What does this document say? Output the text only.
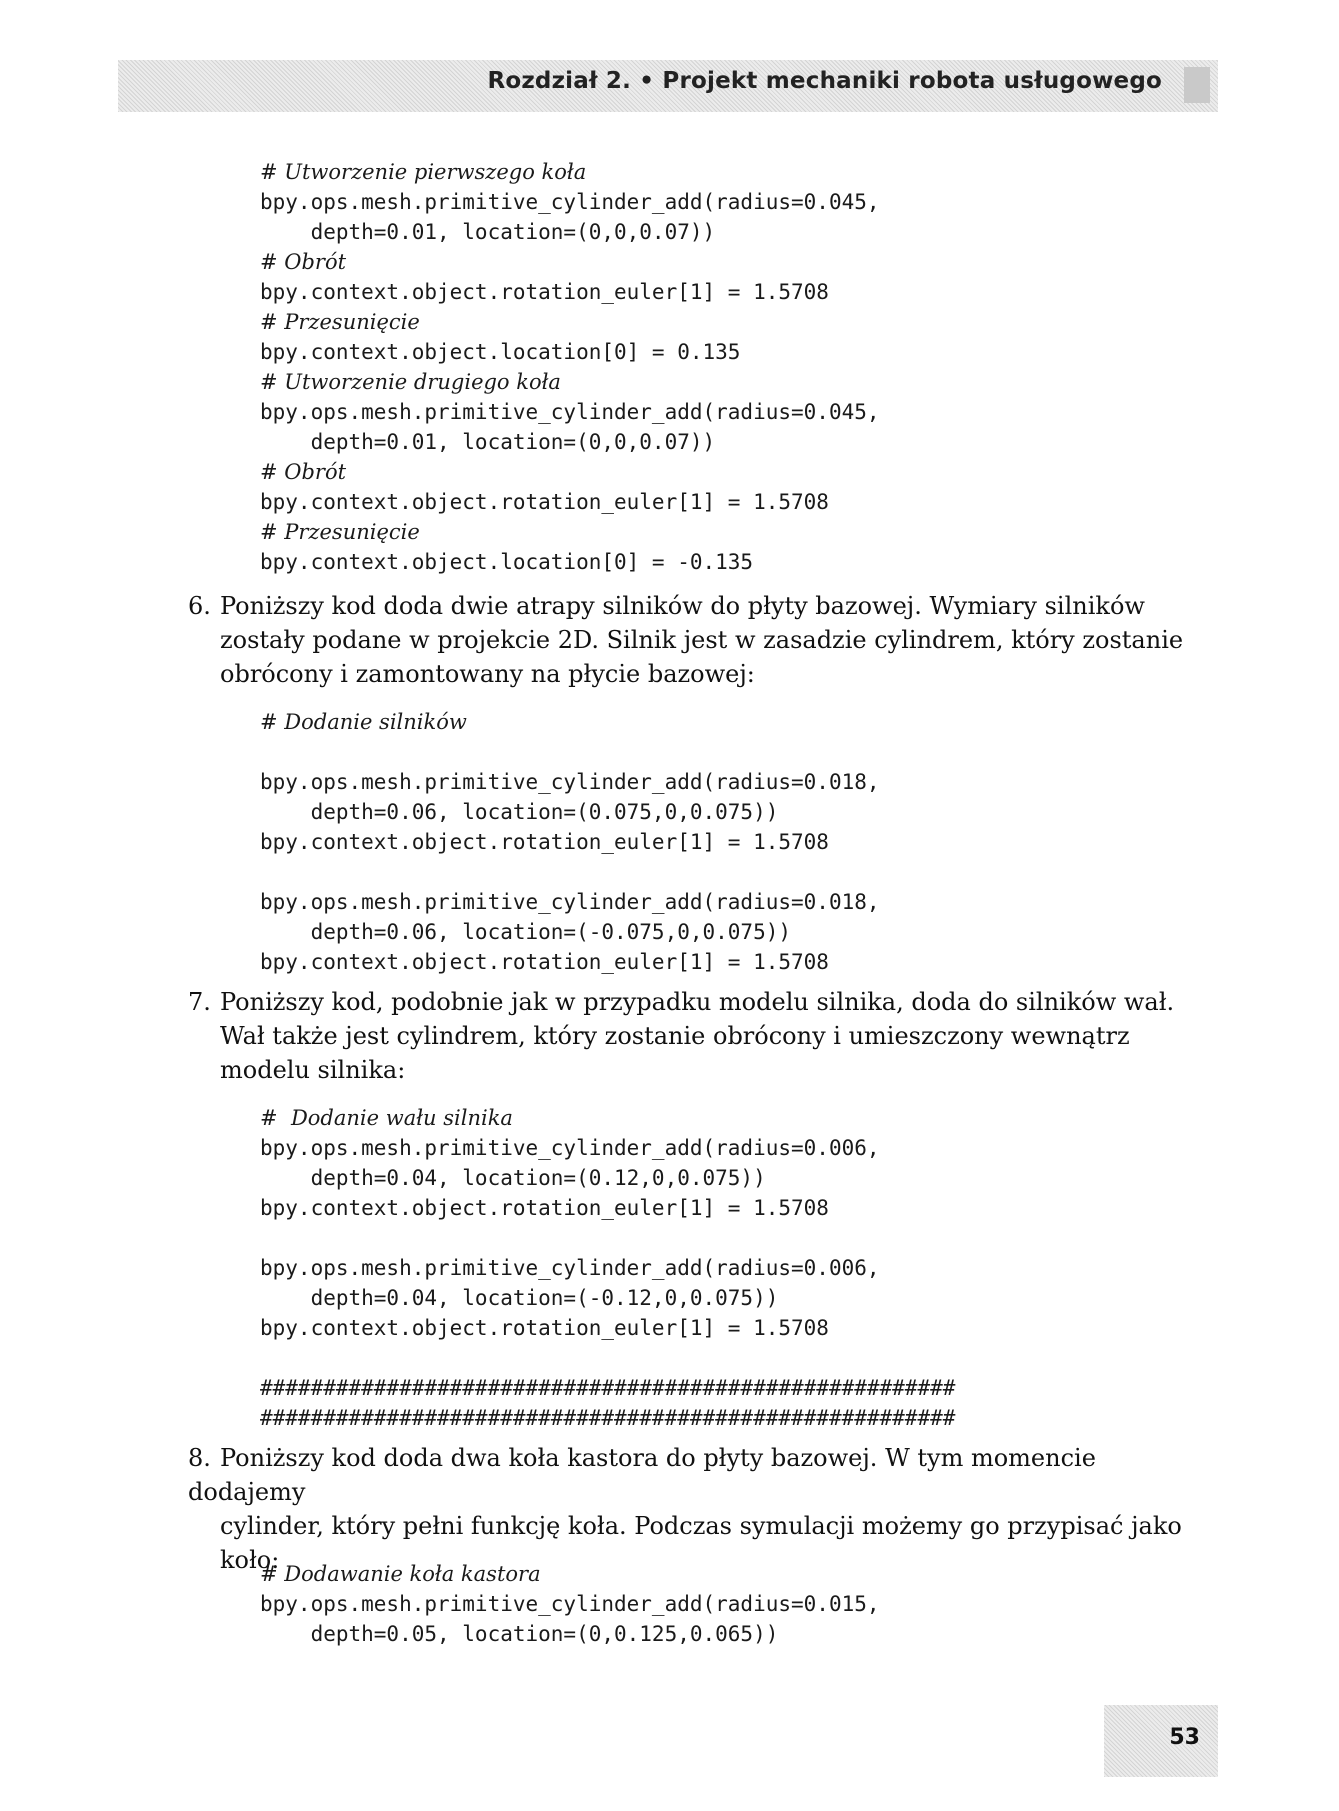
Rozdział 2. • Projekt mechaniki robota usługowego
# Utworzenie pierwszego koła
bpy.ops.mesh.primitive_cylinder_add(radius=0.045,
depth=0.01, location=(0,0,0.07))
# Obrót
bpy.context.object.rotation_euler[1] = 1.5708
# Przesunięcie
bpy.context.object.location[0] = 0.135
# Utworzenie drugiego koła
bpy.ops.mesh.primitive_cylinder_add(radius=0.045,
depth=0.01, location=(0,0,0.07))
# Obrót
bpy.context.object.rotation_euler[1] = 1.5708
# Przesunięcie
bpy.context.object.location[0] = -0.135
6. Poniższy kod doda dwie atrapy silników do płyty bazowej. Wymiary silników
zostały podane w projekcie 2D. Silnik jest w zasadzie cylindrem, który zostanie
obrócony i zamontowany na płycie bazowej:
# Dodanie silników

bpy.ops.mesh.primitive_cylinder_add(radius=0.018,
depth=0.06, location=(0.075,0,0.075))
bpy.context.object.rotation_euler[1] = 1.5708

bpy.ops.mesh.primitive_cylinder_add(radius=0.018,
depth=0.06, location=(-0.075,0,0.075))
bpy.context.object.rotation_euler[1] = 1.5708
7. Poniższy kod, podobnie jak w przypadku modelu silnika, doda do silników wał.
Wał także jest cylindrem, który zostanie obrócony i umieszczony wewnątrz
modelu silnika:
#  Dodanie wału silnika
bpy.ops.mesh.primitive_cylinder_add(radius=0.006,
depth=0.04, location=(0.12,0,0.075))
bpy.context.object.rotation_euler[1] = 1.5708

bpy.ops.mesh.primitive_cylinder_add(radius=0.006,
depth=0.04, location=(-0.12,0,0.075))
bpy.context.object.rotation_euler[1] = 1.5708

#######################################################
#######################################################
8. Poniższy kod doda dwa koła kastora do płyty bazowej. W tym momencie dodajemy
cylinder, który pełni funkcję koła. Podczas symulacji możemy go przypisać jako
koło:
# Dodawanie koła kastora
bpy.ops.mesh.primitive_cylinder_add(radius=0.015,
depth=0.05, location=(0,0.125,0.065))
53
